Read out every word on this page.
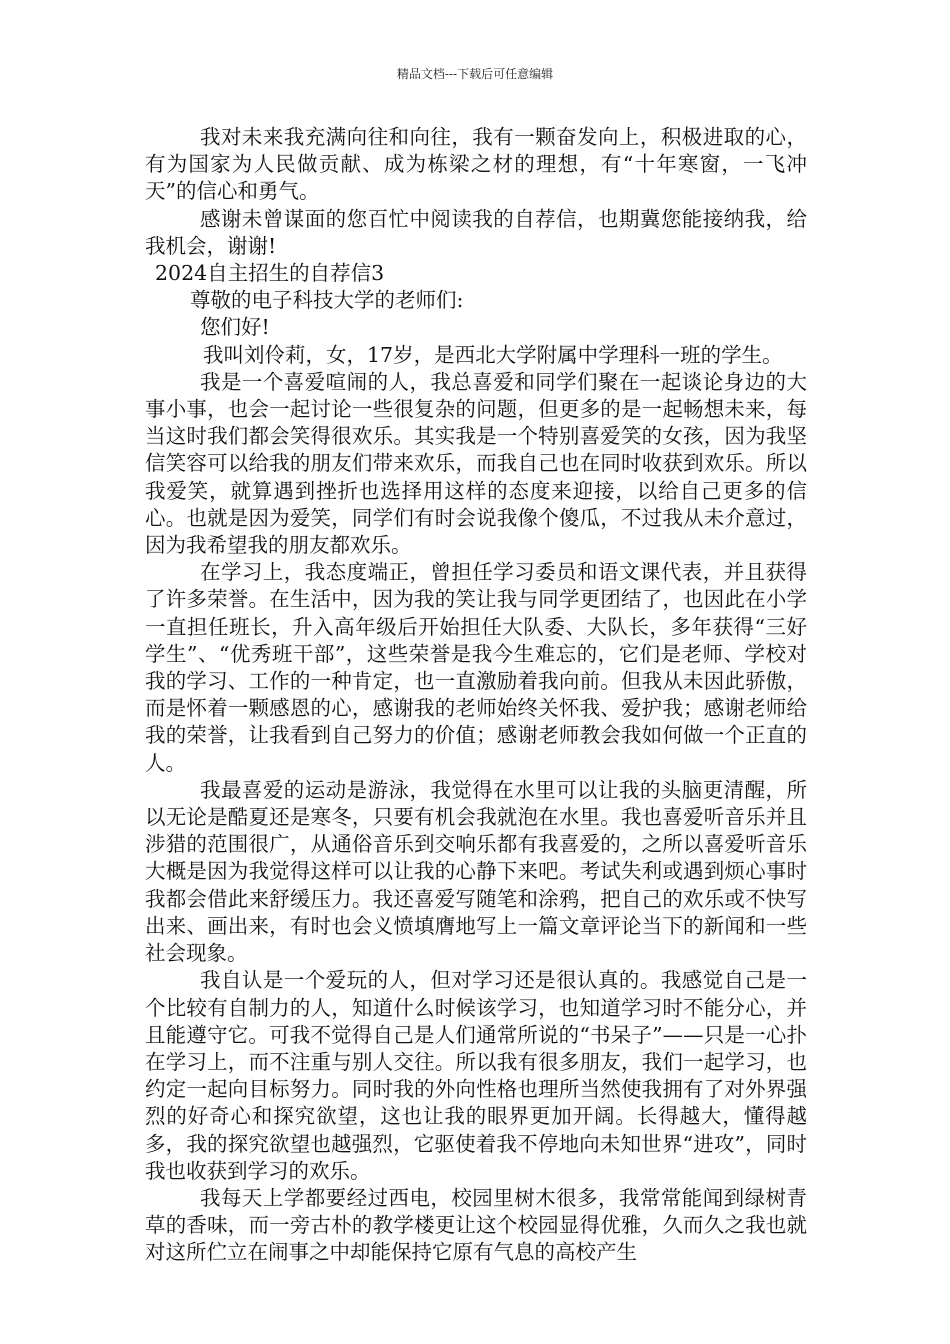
精品文档---下载后可任意编辑

我对未来我充满向往和向往，我有一颗奋发向上，积极进取的心，有为国家为人民做贡献、成为栋梁之材的理想，有“十年寒窗，一飞冲天”的信心和勇气。

感谢未曾谋面的您百忙中阅读我的自荐信，也期冀您能接纳我，给我机会，谢谢!

2024自主招生的自荐信3

尊敬的电子科技大学的老师们:

您们好!

我叫刘伶莉，女，17岁，是西北大学附属中学理科一班的学生。

我是一个喜爱喧闹的人，我总喜爱和同学们聚在一起谈论身边的大事小事，也会一起讨论一些很复杂的问题，但更多的是一起畅想未来，每当这时我们都会笑得很欢乐。其实我是一个特别喜爱笑的女孩，因为我坚信笑容可以给我的朋友们带来欢乐，而我自己也在同时收获到欢乐。所以我爱笑，就算遇到挫折也选择用这样的态度来迎接，以给自己更多的信心。也就是因为爱笑，同学们有时会说我像个傻瓜，不过我从未介意过，因为我希望我的朋友都欢乐。

在学习上，我态度端正，曾担任学习委员和语文课代表，并且获得了许多荣誉。在生活中，因为我的笑让我与同学更团结了，也因此在小学一直担任班长，升入高年级后开始担任大队委、大队长，多年获得“三好学生”、“优秀班干部”，这些荣誉是我今生难忘的，它们是老师、学校对我的学习、工作的一种肯定，也一直激励着我向前。但我从未因此骄傲，而是怀着一颗感恩的心，感谢我的老师始终关怀我、爱护我；感谢老师给我的荣誉，让我看到自己努力的价值；感谢老师教会我如何做一个正直的人。

我最喜爱的运动是游泳，我觉得在水里可以让我的头脑更清醒，所以无论是酷夏还是寒冬，只要有机会我就泡在水里。我也喜爱听音乐并且涉猎的范围很广，从通俗音乐到交响乐都有我喜爱的，之所以喜爱听音乐大概是因为我觉得这样可以让我的心静下来吧。考试失利或遇到烦心事时我都会借此来舒缓压力。我还喜爱写随笔和涂鸦，把自己的欢乐或不快写出来、画出来，有时也会义愤填膺地写上一篇文章评论当下的新闻和一些社会现象。

我自认是一个爱玩的人，但对学习还是很认真的。我感觉自己是一个比较有自制力的人，知道什么时候该学习，也知道学习时不能分心，并且能遵守它。可我不觉得自己是人们通常所说的“书呆子”——只是一心扑在学习上，而不注重与别人交往。所以我有很多朋友，我们一起学习，也约定一起向目标努力。同时我的外向性格也理所当然使我拥有了对外界强烈的好奇心和探究欲望，这也让我的眼界更加开阔。长得越大，懂得越多，我的探究欲望也越强烈，它驱使着我不停地向未知世界“进攻”，同时我也收获到学习的欢乐。

我每天上学都要经过西电，校园里树木很多，我常常能闻到绿树青草的香味，而一旁古朴的教学楼更让这个校园显得优雅，久而久之我也就对这所伫立在闹事之中却能保持它原有气息的高校产生
